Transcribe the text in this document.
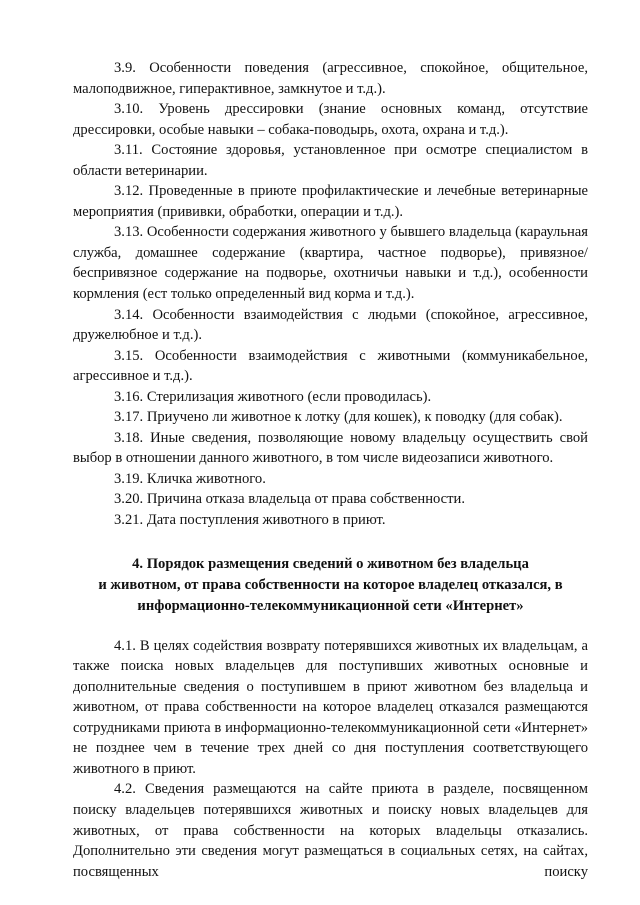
3.9. Особенности поведения (агрессивное, спокойное, общительное, малоподвижное, гиперактивное, замкнутое и т.д.).

3.10. Уровень дрессировки (знание основных команд, отсутствие дрессировки, особые навыки – собака-поводырь, охота, охрана и т.д.).

3.11. Состояние здоровья, установленное при осмотре специалистом в области ветеринарии.

3.12. Проведенные в приюте профилактические и лечебные ветеринарные мероприятия (прививки, обработки, операции и т.д.).

3.13. Особенности содержания животного у бывшего владельца (караульная служба, домашнее содержание (квартира, частное подворье), привязное/беспривязное содержание на подворье, охотничьи навыки и т.д.), особенности кормления (ест только определенный вид корма и т.д.).

3.14. Особенности взаимодействия с людьми (спокойное, агрессивное, дружелюбное и т.д.).

3.15. Особенности взаимодействия с животными (коммуникабельное, агрессивное и т.д.).

3.16. Стерилизация животного (если проводилась).

3.17. Приучено ли животное к лотку (для кошек), к поводку (для собак).

3.18. Иные сведения, позволяющие новому владельцу осуществить свой выбор в отношении данного животного, в том числе видеозаписи животного.

3.19. Кличка животного.

3.20. Причина отказа владельца от права собственности.

3.21. Дата поступления животного в приют.

4. Порядок размещения сведений о животном без владельца
и животном, от права собственности на которое владелец отказался, в
информационно-телекоммуникационной сети «Интернет»

4.1. В целях содействия возврату потерявшихся животных их владельцам, а также поиска новых владельцев для поступивших животных основные и дополнительные сведения о поступившем в приют животном без владельца и животном, от права собственности на которое владелец отказался размещаются сотрудниками приюта в информационно-телекоммуникационной сети «Интернет» не позднее чем в течение трех дней со дня поступления соответствующего животного в приют.

4.2. Сведения размещаются на сайте приюта в разделе, посвященном поиску владельцев потерявшихся животных и поиску новых владельцев для животных, от права собственности на которых владельцы отказались. Дополнительно эти сведения могут размещаться в социальных сетях, на сайтах, посвященных поиску
